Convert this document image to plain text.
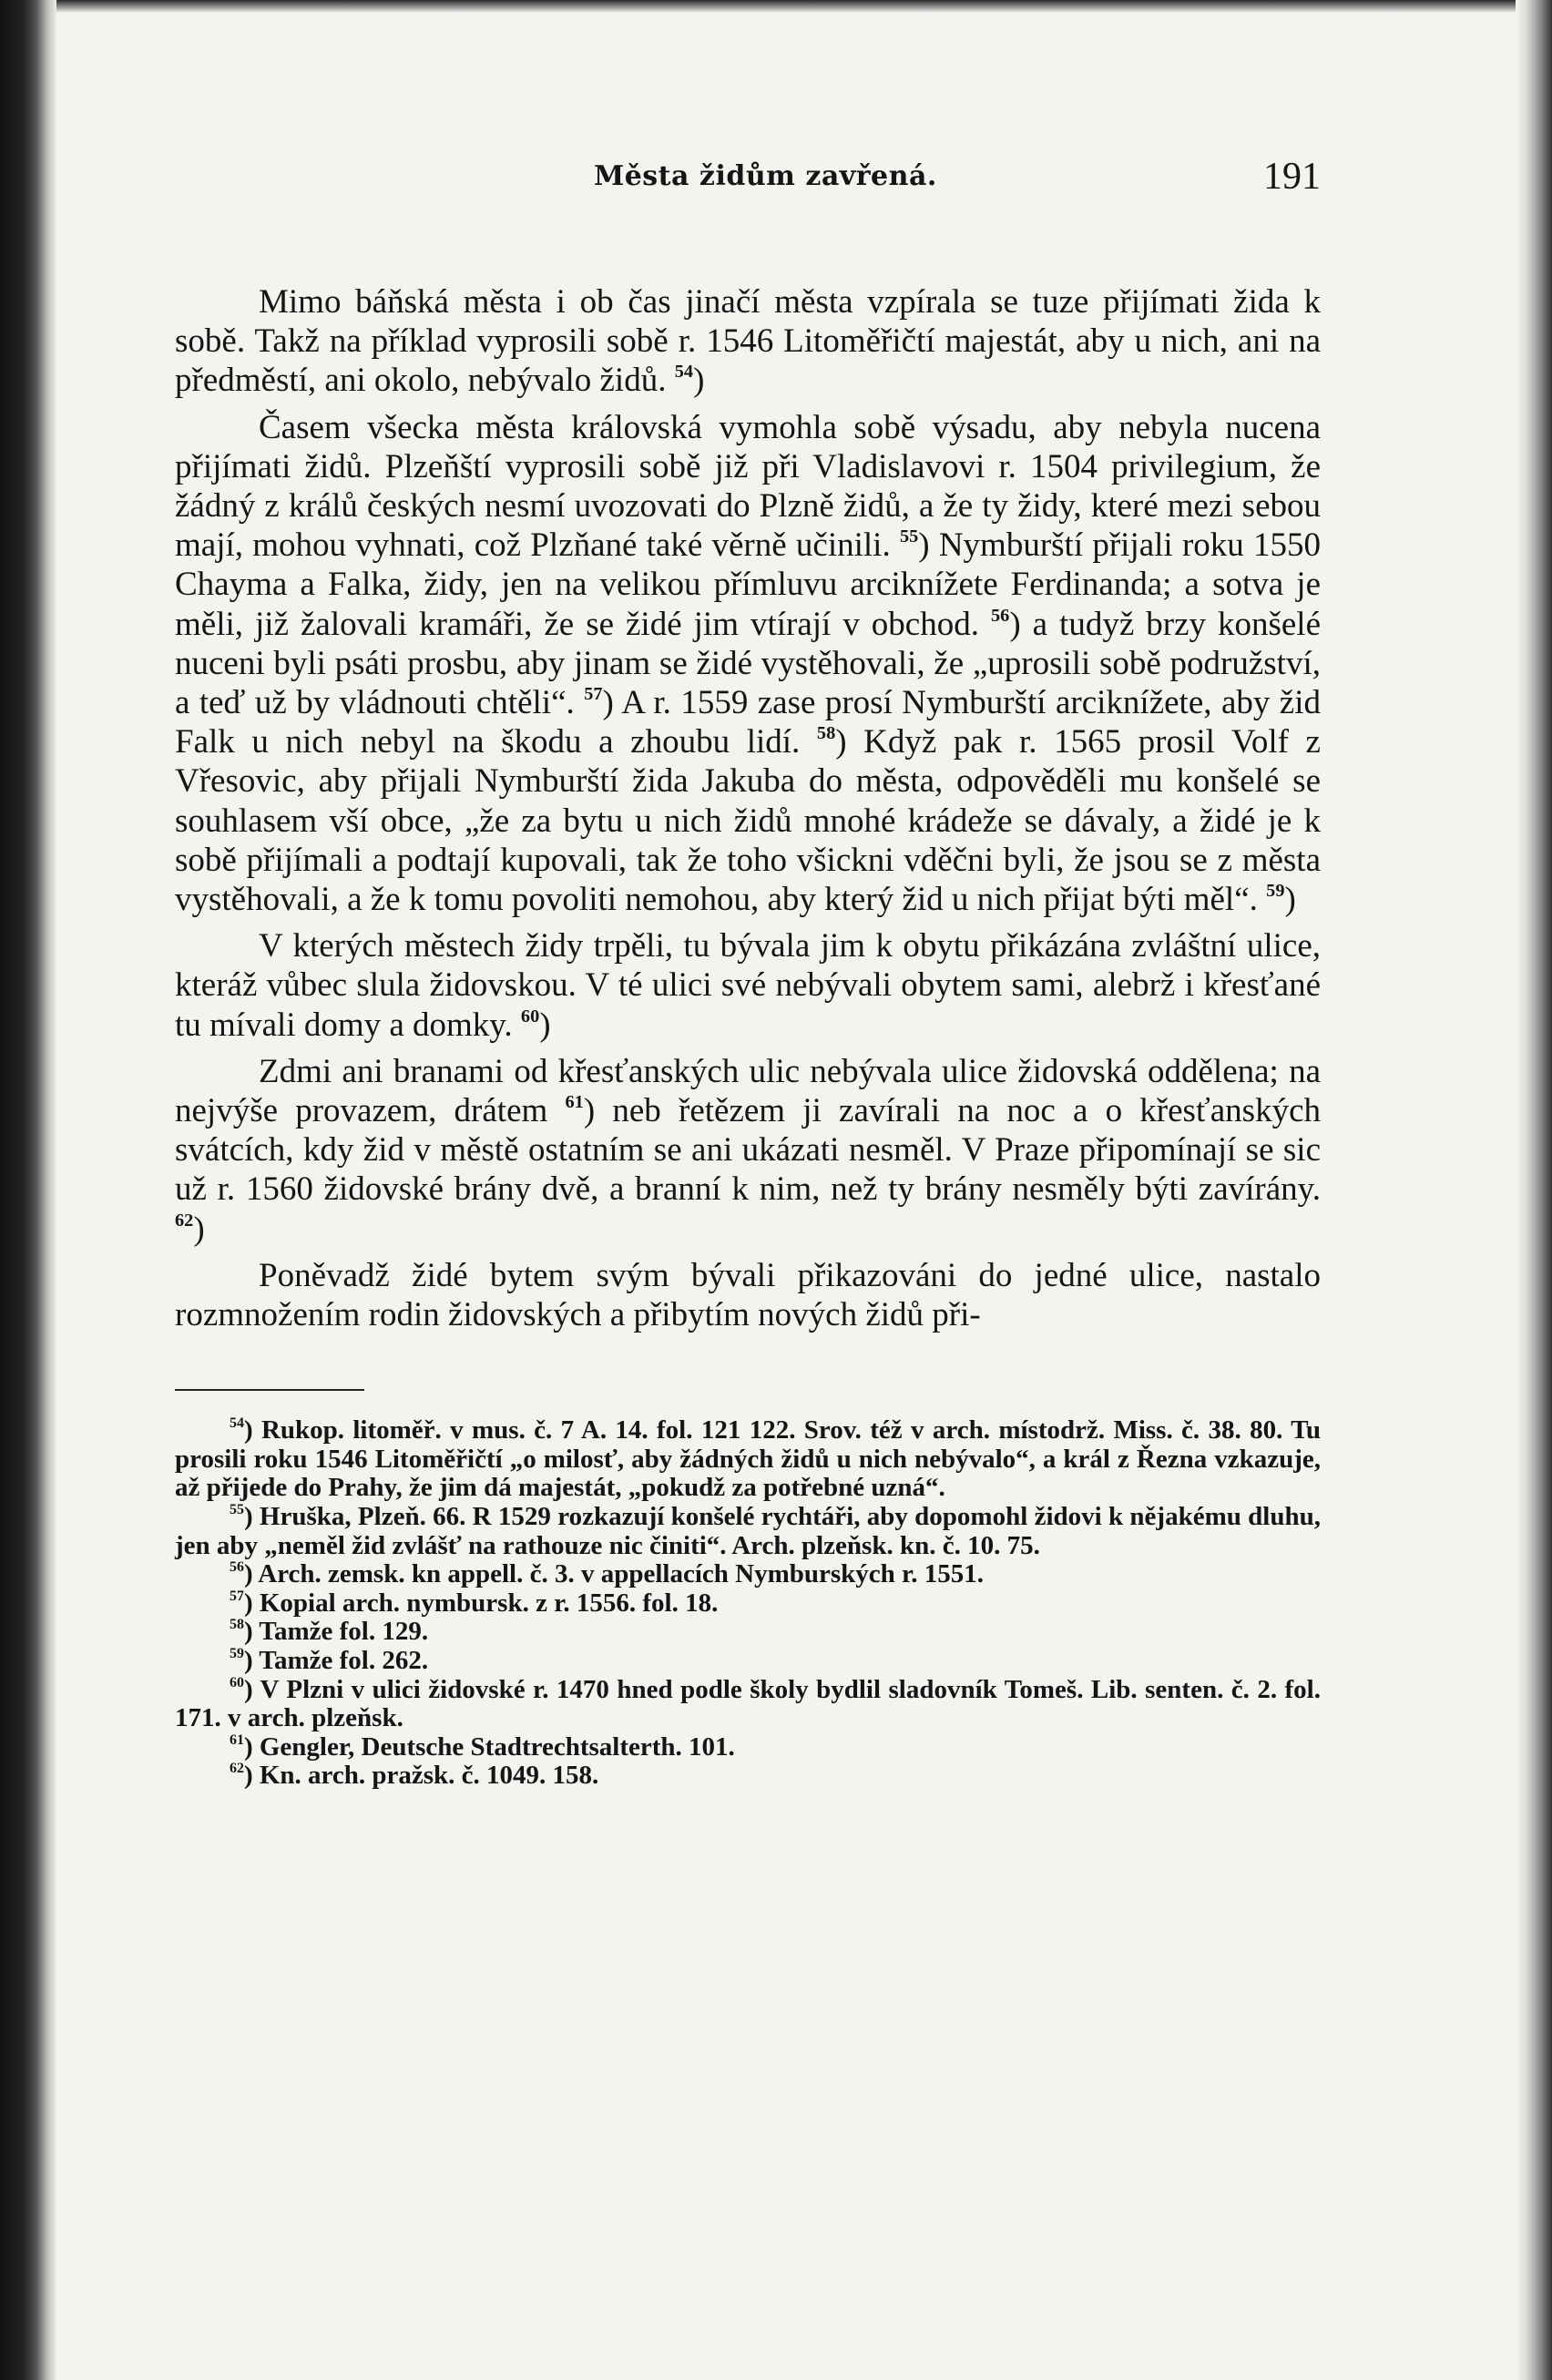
Města židům zavřená.	191

Mimo báňská města i ob čas jinačí města vzpírala se tuze přijímati žida k sobě. Takž na příklad vyprosili sobě r. 1546 Litoměřičtí majestát, aby u nich, ani na předměstí, ani okolo, nebývalo židů. $^{54}$)

Časem všecka města královská vymohla sobě výsadu, aby nebyla nucena přijímati židů. Plzeňští vyprosili sobě již při Vladislavovi r. 1504 privilegium, že žádný z králů českých nesmí uvozovati do Plzně židů, a že ty židy, které mezi sebou mají, mohou vyhnati, což Plzňané také věrně učinili. $^{55}$) Nymburští přijali roku 1550 Chayma a Falka, židy, jen na velikou přímluvu arciknížete Ferdinanda; a sotva je měli, již žalovali kramáři, že se židé jim vtírají v obchod. $^{56}$) a tudyž brzy konšelé nuceni byli psáti prosbu, aby jinam se židé vystěhovali, že „uprosili sobě podružství, a teď už by vládnouti chtěli“. $^{57}$) A r. 1559 zase prosí Nymburští arciknížete, aby žid Falk u nich nebyl na škodu a zhoubu lidí. $^{58}$) Když pak r. 1565 prosil Volf z Vřesovic, aby přijali Nymburští žida Jakuba do města, odpověděli mu konšelé se souhlasem vší obce, „že za bytu u nich židů mnohé krádeže se dávaly, a židé je k sobě přijímali a podtají kupovali, tak že toho všickni vděčni byli, že jsou se z města vystěhovali, a že k tomu povoliti nemohou, aby který žid u nich přijat býti měl“. $^{59}$)

V kterých městech židy trpěli, tu bývala jim k obytu přikázána zvláštní ulice, kteráž vůbec slula židovskou. V té ulici své nebývali obytem sami, alebrž i křesťané tu mívali domy a domky. $^{60}$)

Zdmi ani branami od křesťanských ulic nebývala ulice židovská oddělena; na nejvýše provazem, drátem $^{61}$) neb řetězem ji zavírali na noc a o křesťanských svátcích, kdy žid v městě ostatním se ani ukázati nesměl. V Praze připomínají se sic už r. 1560 židovské brány dvě, a branní k nim, než ty brány nesměly býti zavírány. $^{62}$)

Poněvadž židé bytem svým bývali přikazováni do jedné ulice, nastalo rozmnožením rodin židovských a přibytím nových židů při-

$^{54}$) Rukop. litoměř. v mus. č. 7 A. 14. fol. 121 122. Srov. též v arch. místodrž. Miss. č. 38. 80. Tu prosili roku 1546 Litoměřičtí „o milosť, aby žádných židů u nich nebývalo“, a král z Řezna vzkazuje, až přijede do Prahy, že jim dá majestát, „pokudž za potřebné uzná“.

$^{55}$) Hruška, Plzeň. 66. R 1529 rozkazují konšelé rychtáři, aby dopomohl židovi k nějakému dluhu, jen aby „neměl žid zvlášť na rathouze nic činiti“. Arch. plzeňsk. kn. č. 10. 75.

$^{56}$) Arch. zemsk. kn appell. č. 3. v appellacích Nymburských r. 1551.

$^{57}$) Kopial arch. nymbursk. z r. 1556. fol. 18.

$^{58}$) Tamže fol. 129.

$^{59}$) Tamže fol. 262.

$^{60}$) V Plzni v ulici židovské r. 1470 hned podle školy bydlil sladovník Tomeš. Lib. senten. č. 2. fol. 171. v arch. plzeňsk.

$^{61}$) Gengler, Deutsche Stadtrechtsalterth. 101.

$^{62}$) Kn. arch. pražsk. č. 1049. 158.
